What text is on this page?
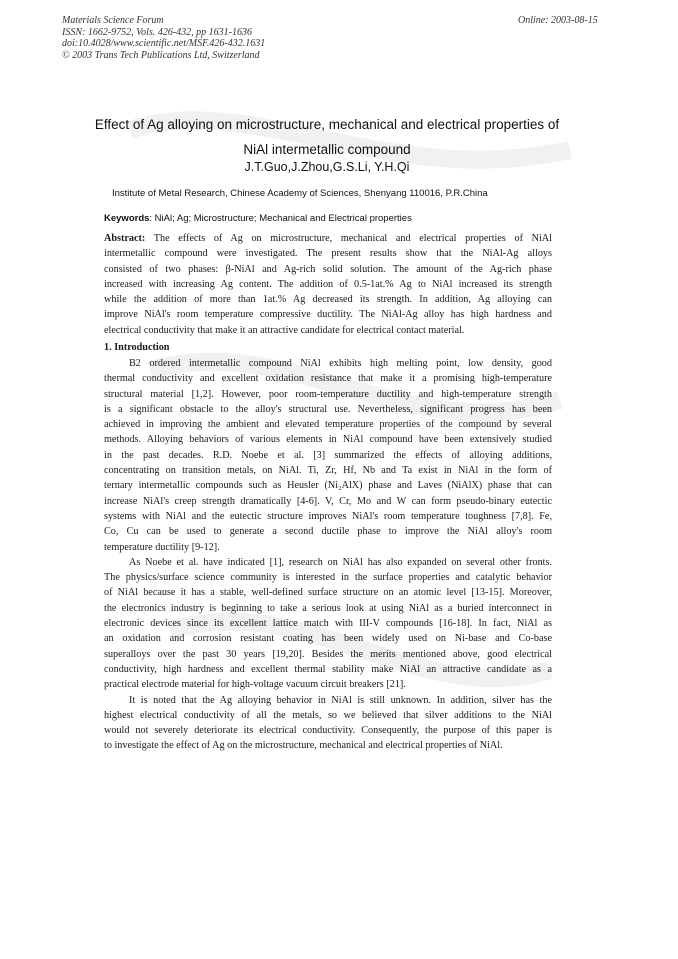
Materials Science Forum
ISSN: 1662-9752, Vols. 426-432, pp 1631-1636
doi:10.4028/www.scientific.net/MSF.426-432.1631
© 2003 Trans Tech Publications Ltd, Switzerland
Online: 2003-08-15
Effect of Ag alloying on microstructure, mechanical and electrical properties of
NiAl intermetallic compound
J.T.Guo,J.Zhou,G.S.Li, Y.H.Qi
Institute of Metal Research, Chinese Academy of Sciences, Shenyang 110016, P.R.China
Keywords: NiAl; Ag; Microstructure; Mechanical and Electrical properties
Abstract: The effects of Ag on microstructure, mechanical and electrical properties of NiAl
intermetallic compound were investigated. The present results show that the NiAl-Ag alloys
consisted of two phases: β-NiAl and Ag-rich solid solution. The amount of the Ag-rich phase
increased with increasing Ag content. The addition of 0.5-1at.% Ag to NiAl increased its strength
while the addition of more than 1at.% Ag decreased its strength. In addition, Ag alloying can
improve NiAl's room temperature compressive ductility. The NiAl-Ag alloy has high hardness and
electrical conductivity that make it an attractive candidate for electrical contact material.
1. Introduction
B2 ordered intermetallic compound NiAl exhibits high melting point, low density, good
thermal conductivity and excellent oxidation resistance that make it a promising high-temperature
structural material [1,2]. However, poor room-temperature ductility and high-temperature strength
is a significant obstacle to the alloy's structural use. Nevertheless, significant progress has been
achieved in improving the ambient and elevated temperature properties of the compound by several
methods. Alloying behaviors of various elements in NiAl compound have been extensively studied
in the past decades. R.D. Noebe et al. [3] summarized the effects of alloying additions,
concentrating on transition metals, on NiAl. Ti, Zr, Hf, Nb and Ta exist in NiAl in the form of
ternary intermetallic compounds such as Heusler (Ni₂AlX) phase and Laves (NiAlX) phase that can
increase NiAl's creep strength dramatically [4-6]. V, Cr, Mo and W can form pseudo-binary eutectic
systems with NiAl and the eutectic structure improves NiAl's room temperature toughness [7,8]. Fe,
Co, Cu can be used to generate a second ductile phase to improve the NiAl alloy's room
temperature ductility [9-12].
As Noebe et al. have indicated [1], research on NiAl has also expanded on several other fronts.
The physics/surface science community is interested in the surface properties and catalytic behavior
of NiAl because it has a stable, well-defined surface structure on an atomic level [13-15]. Moreover,
the electronics industry is beginning to take a serious look at using NiAl as a buried interconnect in
electronic devices since its excellent lattice match with III-V compounds [16-18]. In fact, NiAl as
an oxidation and corrosion resistant coating has been widely used on Ni-base and Co-base
superalloys over the past 30 years [19,20]. Besides the merits mentioned above, good electrical
conductivity, high hardness and excellent thermal stability make NiAl an attractive candidate as a
practical electrode material for high-voltage vacuum circuit breakers [21].
It is noted that the Ag alloying behavior in NiAl is still unknown. In addition, silver has the
highest electrical conductivity of all the metals, so we believed that silver additions to the NiAl
would not severely deteriorate its electrical conductivity. Consequently, the purpose of this paper is
to investigate the effect of Ag on the microstructure, mechanical and electrical properties of NiAl.
